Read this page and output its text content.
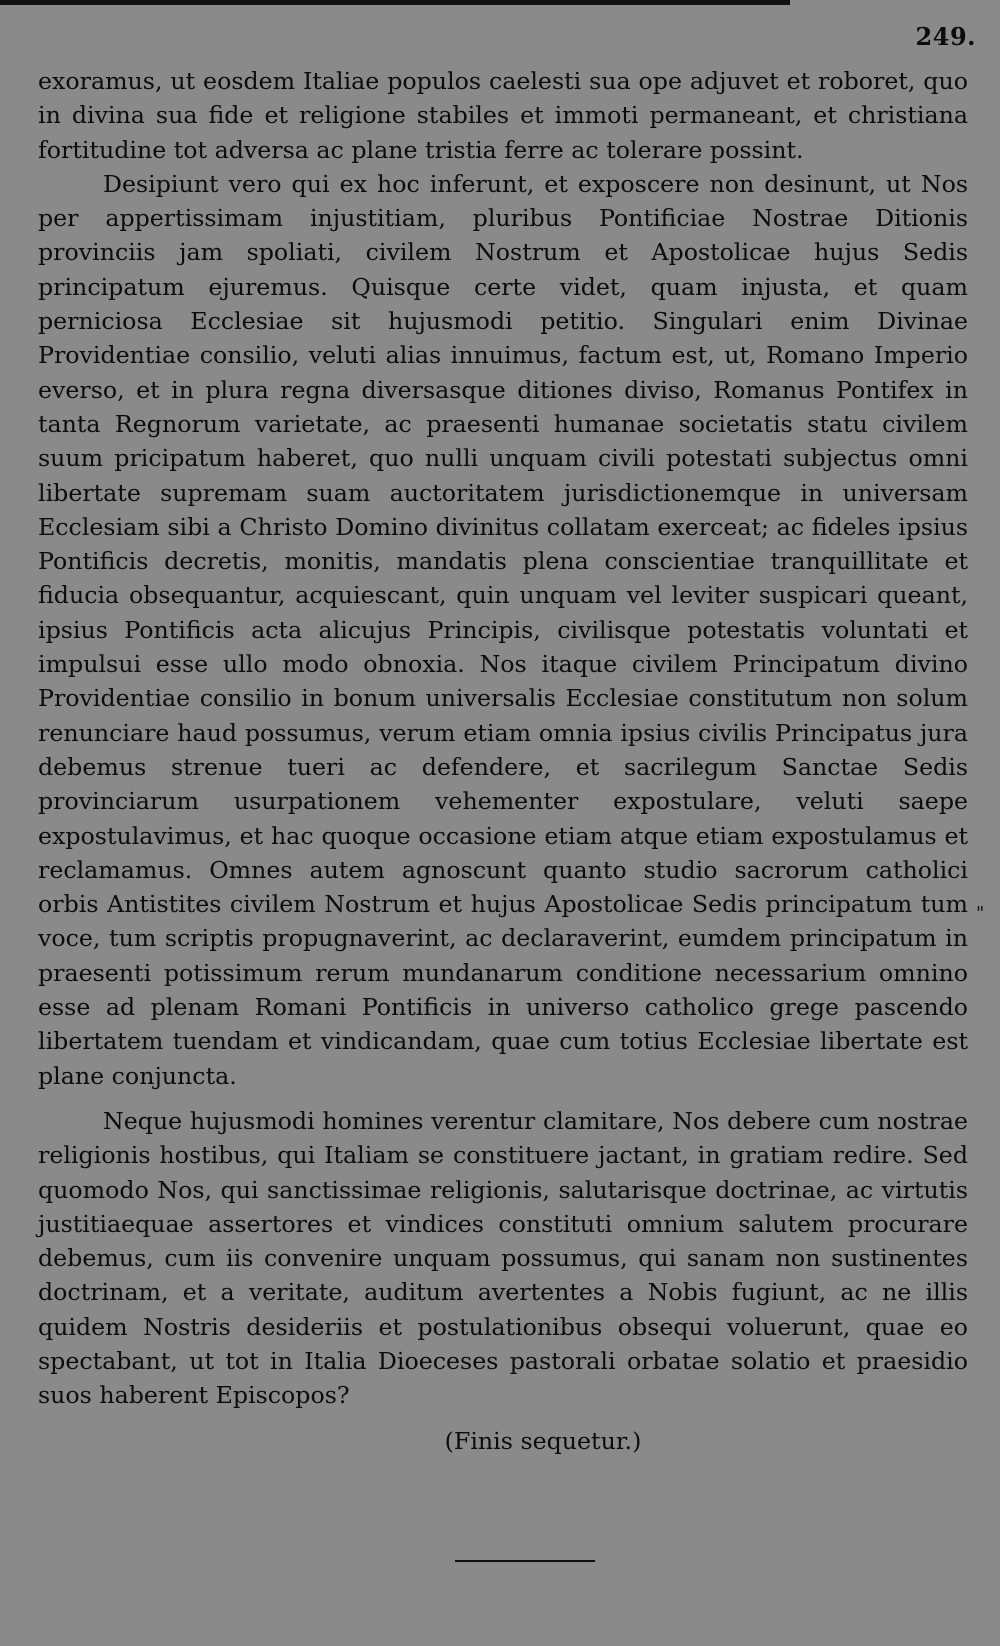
249.

exoramus, ut eosdem Italiae populos caelesti sua ope adjuvet et roboret, quo in divina sua fide et religione stabiles et immoti permaneant, et christiana fortitudine tot adversa ac plane tristia ferre ac tolerare possint.

Desipiunt vero qui ex hoc inferunt, et exposcere non desinunt, ut Nos per appertissimam injustitiam, pluribus Pontificiae Nostrae Ditionis provinciis jam spoliati, civilem Nostrum et Apostolicae hujus Sedis principatum ejuremus. Quisque certe videt, quam injusta, et quam perniciosa Ecclesiae sit hujusmodi petitio. Singulari enim Divinae Providentiae consilio, veluti alias innuimus, factum est, ut, Romano Imperio everso, et in plura regna diversasque ditiones diviso, Romanus Pontifex in tanta Regnorum varietate, ac praesenti humanae societatis statu civilem suum pricipatum haberet, quo nulli unquam civili potestati subjectus omni libertate supremam suam auctoritatem jurisdictionemque in universam Ecclesiam sibi a Christo Domino divinitus collatam exerceat; ac fideles ipsius Pontificis decretis, monitis, mandatis plena conscientiae tranquillitate et fiducia obsequantur, acquiescant, quin unquam vel leviter suspicari queant, ipsius Pontificis acta alicujus Principis, civilisque potestatis voluntati et impulsui esse ullo modo obnoxia. Nos itaque civilem Principatum divino Providentiae consilio in bonum universalis Ecclesiae constitutum non solum renunciare haud possumus, verum etiam omnia ipsius civilis Principatus jura debemus strenue tueri ac defendere, et sacrilegum Sanctae Sedis provinciarum usurpationem vehementer expostulare, veluti saepe expostulavimus, et hac quoque occasione etiam atque etiam expostulamus et reclamamus. Omnes autem agnoscunt quanto studio sacrorum catholici orbis Antistites civilem Nostrum et hujus Apostolicae Sedis principatum tum voce, tum scriptis propugnaverint, ac declaraverint, eumdem principatum in praesenti potissimum rerum mundanarum conditione necessarium omnino esse ad plenam Romani Pontificis in universo catholico grege pascendo libertatem tuendam et vindicandam, quae cum totius Ecclesiae libertate est plane conjuncta.

Neque hujusmodi homines verentur clamitare, Nos debere cum nostrae religionis hostibus, qui Italiam se constituere jactant, in gratiam redire. Sed quomodo Nos, qui sanctissimae religionis, salutarisque doctrinae, ac virtutis justitiaequae assertores et vindices constituti omnium salutem procurare debemus, cum iis convenire unquam possumus, qui sanam non sustinentes doctrinam, et a veritate, auditum avertentes a Nobis fugiunt, ac ne illis quidem Nostris desideriis et postulationibus obsequi voluerunt, quae eo spectabant, ut tot in Italia Dioeceses pastorali orbatae solatio et praesidio suos haberent Episcopos?

(Finis sequetur.)

"
